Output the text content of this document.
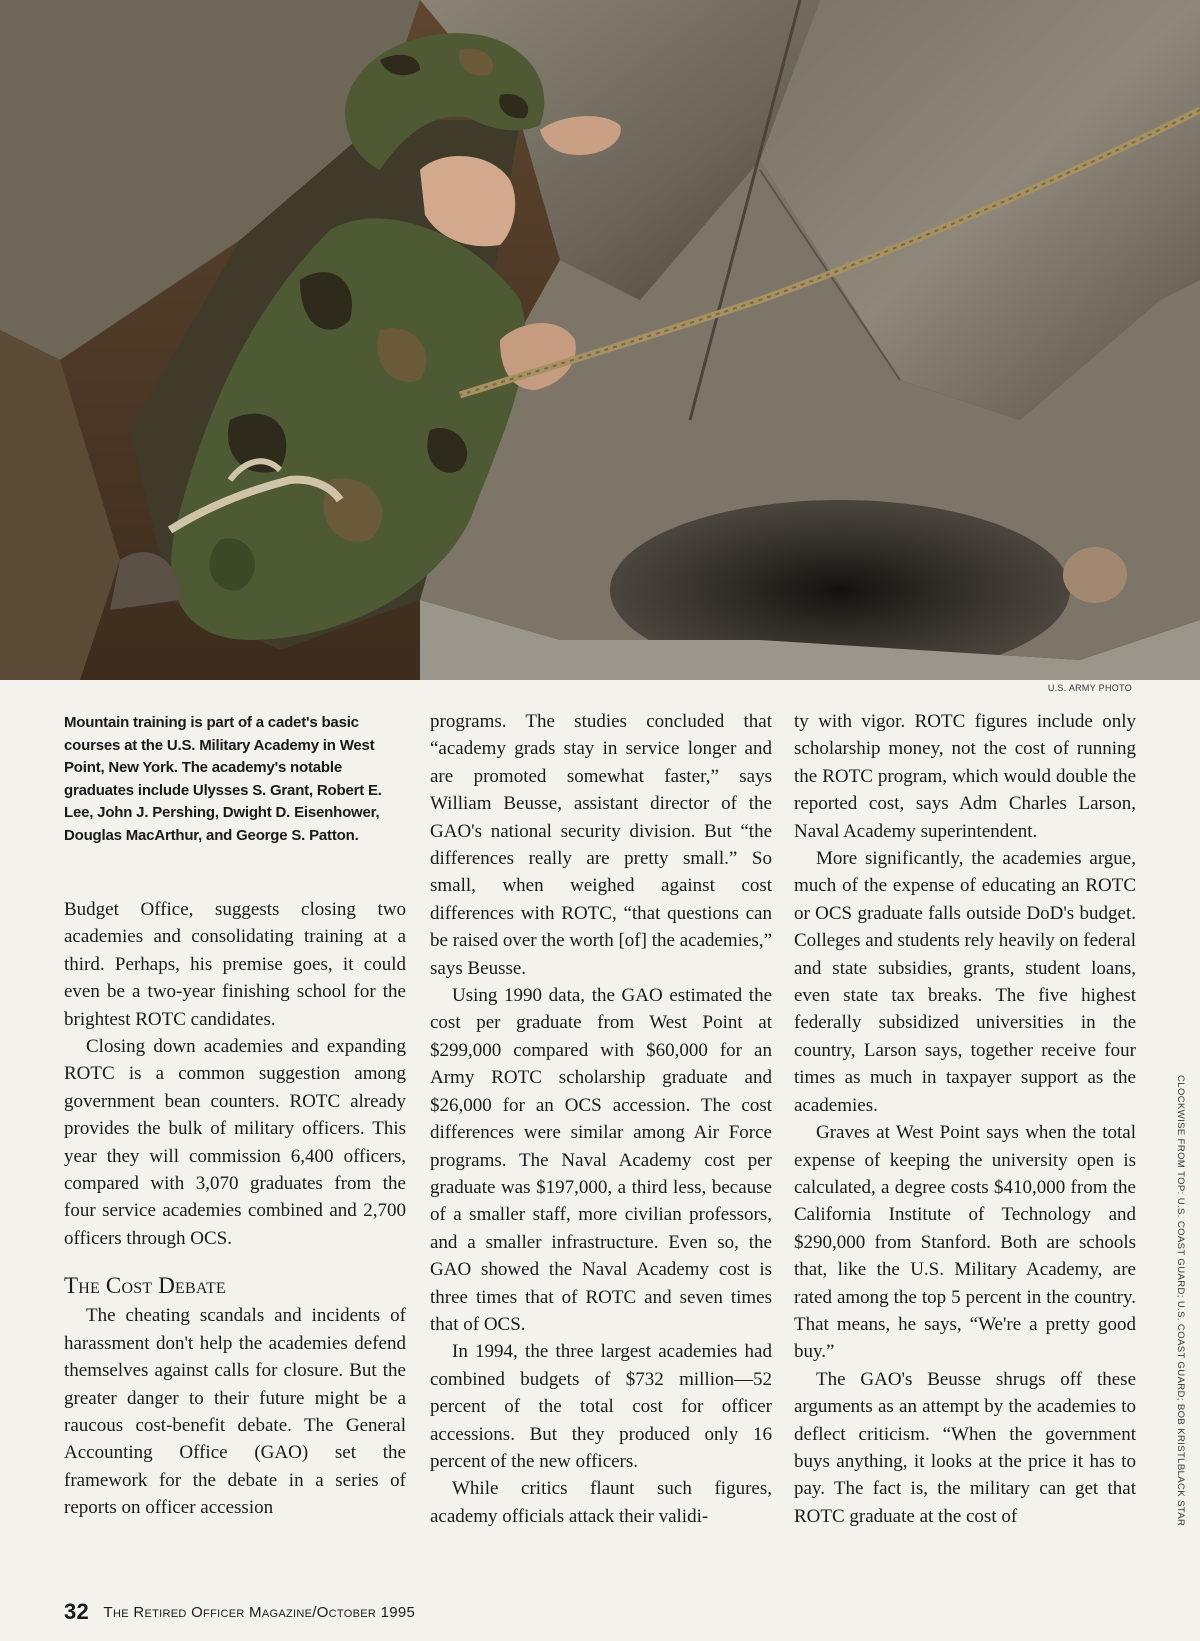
U.S. ARMY PHOTO
CLOCKWISE FROM TOP: U.S. COAST GUARD; U.S. COAST GUARD; BOB KRISTLBLACK STAR
Mountain training is part of a cadet's basic courses at the U.S. Military Academy in West Point, New York. The academy's notable graduates include Ulysses S. Grant, Robert E. Lee, John J. Pershing, Dwight D. Eisenhower, Douglas MacArthur, and George S. Patton.

Budget Office, suggests closing two academies and consolidating training at a third. Perhaps, his premise goes, it could even be a two-year finishing school for the brightest ROTC candidates.

Closing down academies and expanding ROTC is a common suggestion among government bean counters. ROTC already provides the bulk of military officers. This year they will commission 6,400 officers, compared with 3,070 graduates from the four service academies combined and 2,700 officers through OCS.

The Cost Debate

The cheating scandals and incidents of harassment don't help the academies defend themselves against calls for closure. But the greater danger to their future might be a raucous cost-benefit debate. The General Accounting Office (GAO) set the framework for the debate in a series of reports on officer accession

programs. The studies concluded that “academy grads stay in service longer and are promoted somewhat faster,” says William Beusse, assistant director of the GAO's national security division. But “the differences really are pretty small.” So small, when weighed against cost differences with ROTC, “that questions can be raised over the worth [of] the academies,” says Beusse.

Using 1990 data, the GAO estimated the cost per graduate from West Point at $299,000 compared with $60,000 for an Army ROTC scholarship graduate and $26,000 for an OCS accession. The cost differences were similar among Air Force programs. The Naval Academy cost per graduate was $197,000, a third less, because of a smaller staff, more civilian professors, and a smaller infrastructure. Even so, the GAO showed the Naval Academy cost is three times that of ROTC and seven times that of OCS.

In 1994, the three largest academies had combined budgets of $732 million—52 percent of the total cost for officer accessions. But they produced only 16 percent of the new officers.

While critics flaunt such figures, academy officials attack their validi-

ty with vigor. ROTC figures include only scholarship money, not the cost of running the ROTC program, which would double the reported cost, says Adm Charles Larson, Naval Academy superintendent.

More significantly, the academies argue, much of the expense of educating an ROTC or OCS graduate falls outside DoD's budget. Colleges and students rely heavily on federal and state subsidies, grants, student loans, even state tax breaks. The five highest federally subsidized universities in the country, Larson says, together receive four times as much in taxpayer support as the academies.

Graves at West Point says when the total expense of keeping the university open is calculated, a degree costs $410,000 from the California Institute of Technology and $290,000 from Stanford. Both are schools that, like the U.S. Military Academy, are rated among the top 5 percent in the country. That means, he says, “We're a pretty good buy.”

The GAO's Beusse shrugs off these arguments as an attempt by the academies to deflect criticism. “When the government buys anything, it looks at the price it has to pay. The fact is, the military can get that ROTC graduate at the cost of

32 The Retired Officer Magazine/October 1995
